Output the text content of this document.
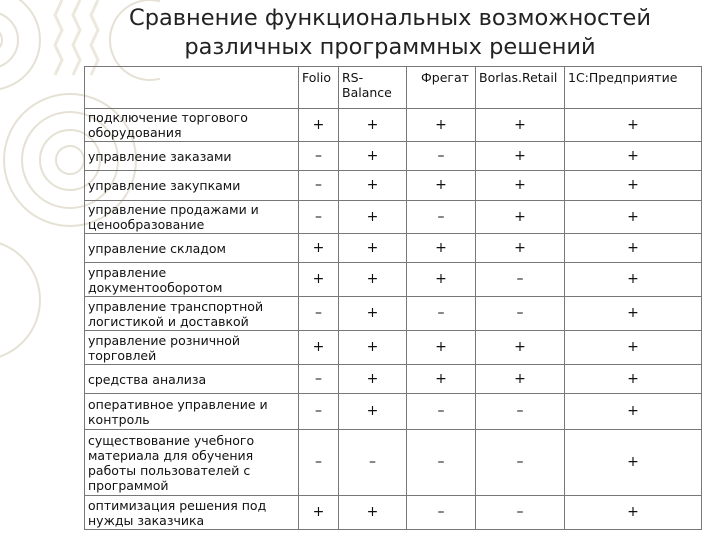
Сравнение функциональных возможностей
различных программных решений
	Folio	RS-Balance	Фрегат	Borlas.Retail	1С:Предприятие
подключение торгового оборудования	+	+	+	+	+
управление заказами	–	+	–	+	+
управление закупками	–	+	+	+	+
управление продажами и ценообразование	–	+	–	+	+
управление складом	+	+	+	+	+
управление документооборотом	+	+	+	–	+
управление транспортной логистикой и доставкой	–	+	–	–	+
управление розничной торговлей	+	+	+	+	+
средства анализа	–	+	+	+	+
оперативное управление и контроль	–	+	–	–	+
существование учебного материала для обучения работы пользователей с программой	–	–	–	–	+
оптимизация решения под нужды заказчика	+	+	–	–	+
